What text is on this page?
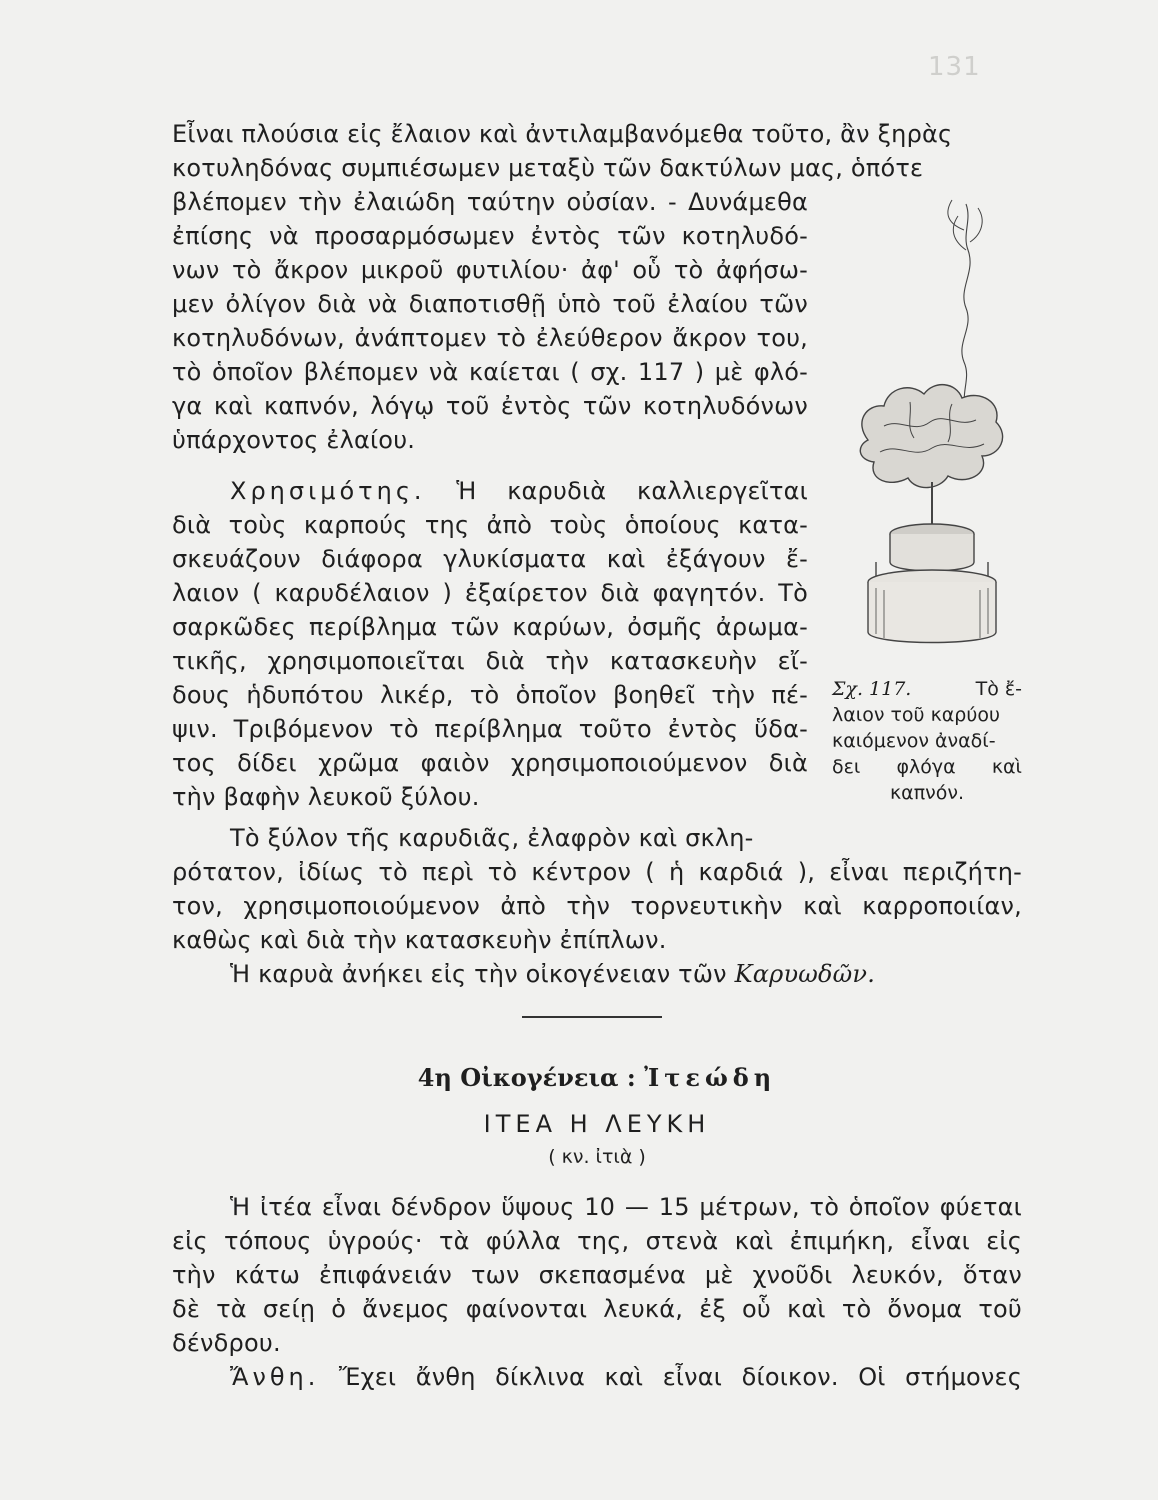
131
Εἶναι πλούσια εἰς ἔλαιον καὶ ἀντιλαμβανόμεθα τοῦτο, ἂν ξηρὰς
κοτυληδόνας συμπιέσωμεν μεταξὺ τῶν δακτύλων μας, ὁπότε
βλέπομεν τὴν ἐλαιώδη ταύτην οὐσίαν. - Δυνάμεθα
ἐπίσης νὰ προσαρμόσωμεν ἐντὸς τῶν κοτηλυδό-
νων τὸ ἄκρον μικροῦ φυτιλίου· ἀφ' οὗ τὸ ἀφήσω-
μεν ὀλίγον διὰ νὰ διαποτισθῇ ὑπὸ τοῦ ἐλαίου τῶν
κοτηλυδόνων, ἀνάπτομεν τὸ ἐλεύθερον ἄκρον του,
τὸ ὁποῖον βλέπομεν νὰ καίεται ( σχ. 117 ) μὲ φλό-
γα καὶ καπνόν, λόγῳ τοῦ ἐντὸς τῶν κοτηλυδόνων
ὑπάρχοντος ἐλαίου.
Χρησιμότης. Ἡ καρυδιὰ καλλιεργεῖται
διὰ τοὺς καρπούς της ἀπὸ τοὺς ὁποίους κατα-
σκευάζουν διάφορα γλυκίσματα καὶ ἐξάγουν ἔ-
λαιον ( καρυδέλαιον ) ἐξαίρετον διὰ φαγητόν. Τὸ
σαρκῶδες περίβλημα τῶν καρύων, ὀσμῆς ἀρωμα-
τικῆς, χρησιμοποιεῖται διὰ τὴν κατασκευὴν εἴ-
δους ἡδυπότου λικέρ, τὸ ὁποῖον βοηθεῖ τὴν πέ-
ψιν. Τριβόμενον τὸ περίβλημα τοῦτο ἐντὸς ὕδα-
τος δίδει χρῶμα φαιὸν χρησιμοποιούμενον διὰ
τὴν βαφὴν λευκοῦ ξύλου.
Σχ. 117.	Τὸ ἔ-
λαιον τοῦ καρύου
καιόμενον ἀναδί-
δει φλόγα καὶ
καπνόν.
Τὸ ξύλον τῆς καρυδιᾶς, ἐλαφρὸν καὶ σκλη-
ρότατον, ἰδίως τὸ περὶ τὸ κέντρον ( ἡ καρδιά ), εἶναι περιζήτη-
τον, χρησιμοποιούμενον ἀπὸ τὴν τορνευτικὴν καὶ καρροποιίαν,
καθὼς καὶ διὰ τὴν κατασκευὴν ἐπίπλων.
Ἡ καρυὰ ἀνήκει εἰς τὴν οἰκογένειαν τῶν Καρυωδῶν.
4η Οἰκογένεια : Ἰτεώδη
ΙΤΕΑ Η ΛΕΥΚΗ
( κν. ἰτιὰ )
Ἡ ἰτέα εἶναι δένδρον ὕψους 10 — 15 μέτρων, τὸ ὁποῖον φύεται
εἰς τόπους ὑγρούς· τὰ φύλλα της, στενὰ καὶ ἐπιμήκη, εἶναι εἰς
τὴν κάτω ἐπιφάνειάν των σκεπασμένα μὲ χνοῦδι λευκόν, ὅταν
δὲ τὰ σείῃ ὁ ἄνεμος φαίνονται λευκά, ἐξ οὗ καὶ τὸ ὄνομα τοῦ
δένδρου.
Ἄνθη. Ἔχει ἄνθη δίκλινα καὶ εἶναι δίοικον. Οἱ στήμονες
